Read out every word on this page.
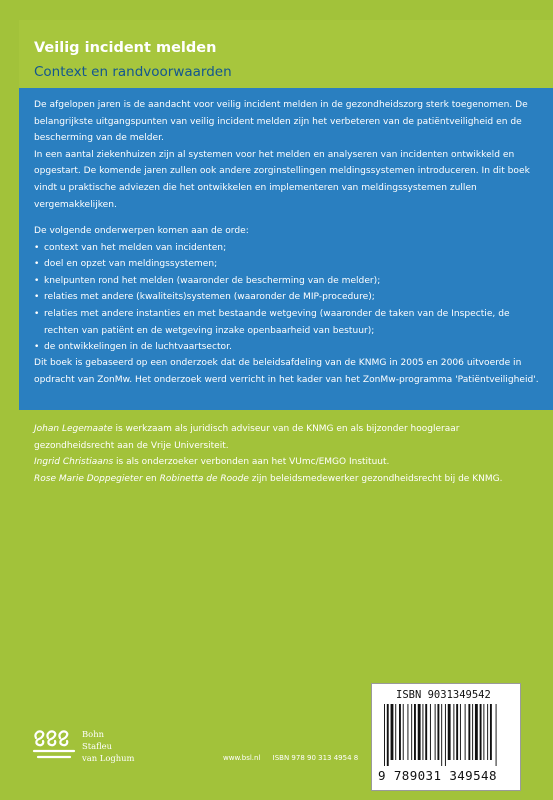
Veilig incident melden
Context en randvoorwaarden

De afgelopen jaren is de aandacht voor veilig incident melden in de gezondheidszorg sterk toegenomen. De belangrijkste uitgangspunten van veilig incident melden zijn het verbeteren van de patiëntveiligheid en de bescherming van de melder.

In een aantal ziekenhuizen zijn al systemen voor het melden en analyseren van incidenten ontwikkeld en opgestart. De komende jaren zullen ook andere zorginstellingen meldingssystemen introduceren. In dit boek vindt u praktische adviezen die het ontwikkelen en implementeren van meldingssystemen zullen vergemakkelijken.

De volgende onderwerpen komen aan de orde:

• context van het melden van incidenten;
• doel en opzet van meldingssystemen;
• knelpunten rond het melden (waaronder de bescherming van de melder);
• relaties met andere (kwaliteits)systemen (waaronder de MIP-procedure);
• relaties met andere instanties en met bestaande wetgeving (waaronder de taken van de Inspectie, de rechten van patiënt en de wetgeving inzake openbaarheid van bestuur);
• de ontwikkelingen in de luchtvaartsector.

Dit boek is gebaseerd op een onderzoek dat de beleidsafdeling van de KNMG in 2005 en 2006 uitvoerde in opdracht van ZonMw. Het onderzoek werd verricht in het kader van het ZonMw-programma 'Patiëntveiligheid'.

Johan Legemaate is werkzaam als juridisch adviseur van de KNMG en als bijzonder hoogleraar gezondheidsrecht aan de Vrije Universiteit.

Ingrid Christiaans is als onderzoeker verbonden aan het VUmc/EMGO Instituut.

Rose Marie Doppegieter en Robinetta de Roode zijn beleidsmedewerker gezondheidsrecht bij de KNMG.

Bohn
Stafleu
van Loghum	www.bsl.nl ISBN 978 90 313 4954 8
ISBN 9031349542
9 789031 349548
